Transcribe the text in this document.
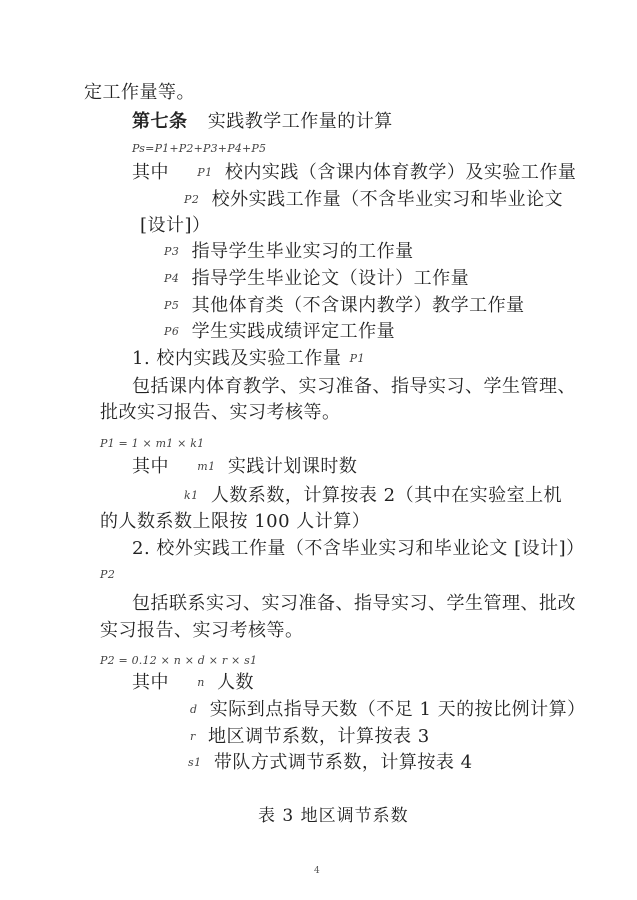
定工作量等。
第七条 实践教学工作量的计算
Ps=P1+P2+P3+P4+P5
其中	P1 校内实践（含课内体育教学）及实验工作量
P2 校外实践工作量（不含毕业实习和毕业论文
[设计]）
P3 指导学生毕业实习的工作量
P4 指导学生毕业论文（设计）工作量
P5 其他体育类（不含课内教学）教学工作量
P6 学生实践成绩评定工作量
1. 校内实践及实验工作量 P1
包括课内体育教学、实习准备、指导实习、学生管理、
批改实习报告、实习考核等。
P1 = 1 × m1 × k1
其中	m1 实践计划课时数
k1 人数系数，计算按表 2（其中在实验室上机
的人数系数上限按 100 人计算）
2. 校外实践工作量（不含毕业实习和毕业论文 [设计]）
P2
包括联系实习、实习准备、指导实习、学生管理、批改
实习报告、实习考核等。
P2 = 0.12 × n × d × r × s1
其中	n 人数
d 实际到点指导天数（不足 1 天的按比例计算）
r 地区调节系数，计算按表 3
s1 带队方式调节系数，计算按表 4
表 3 地区调节系数
4
